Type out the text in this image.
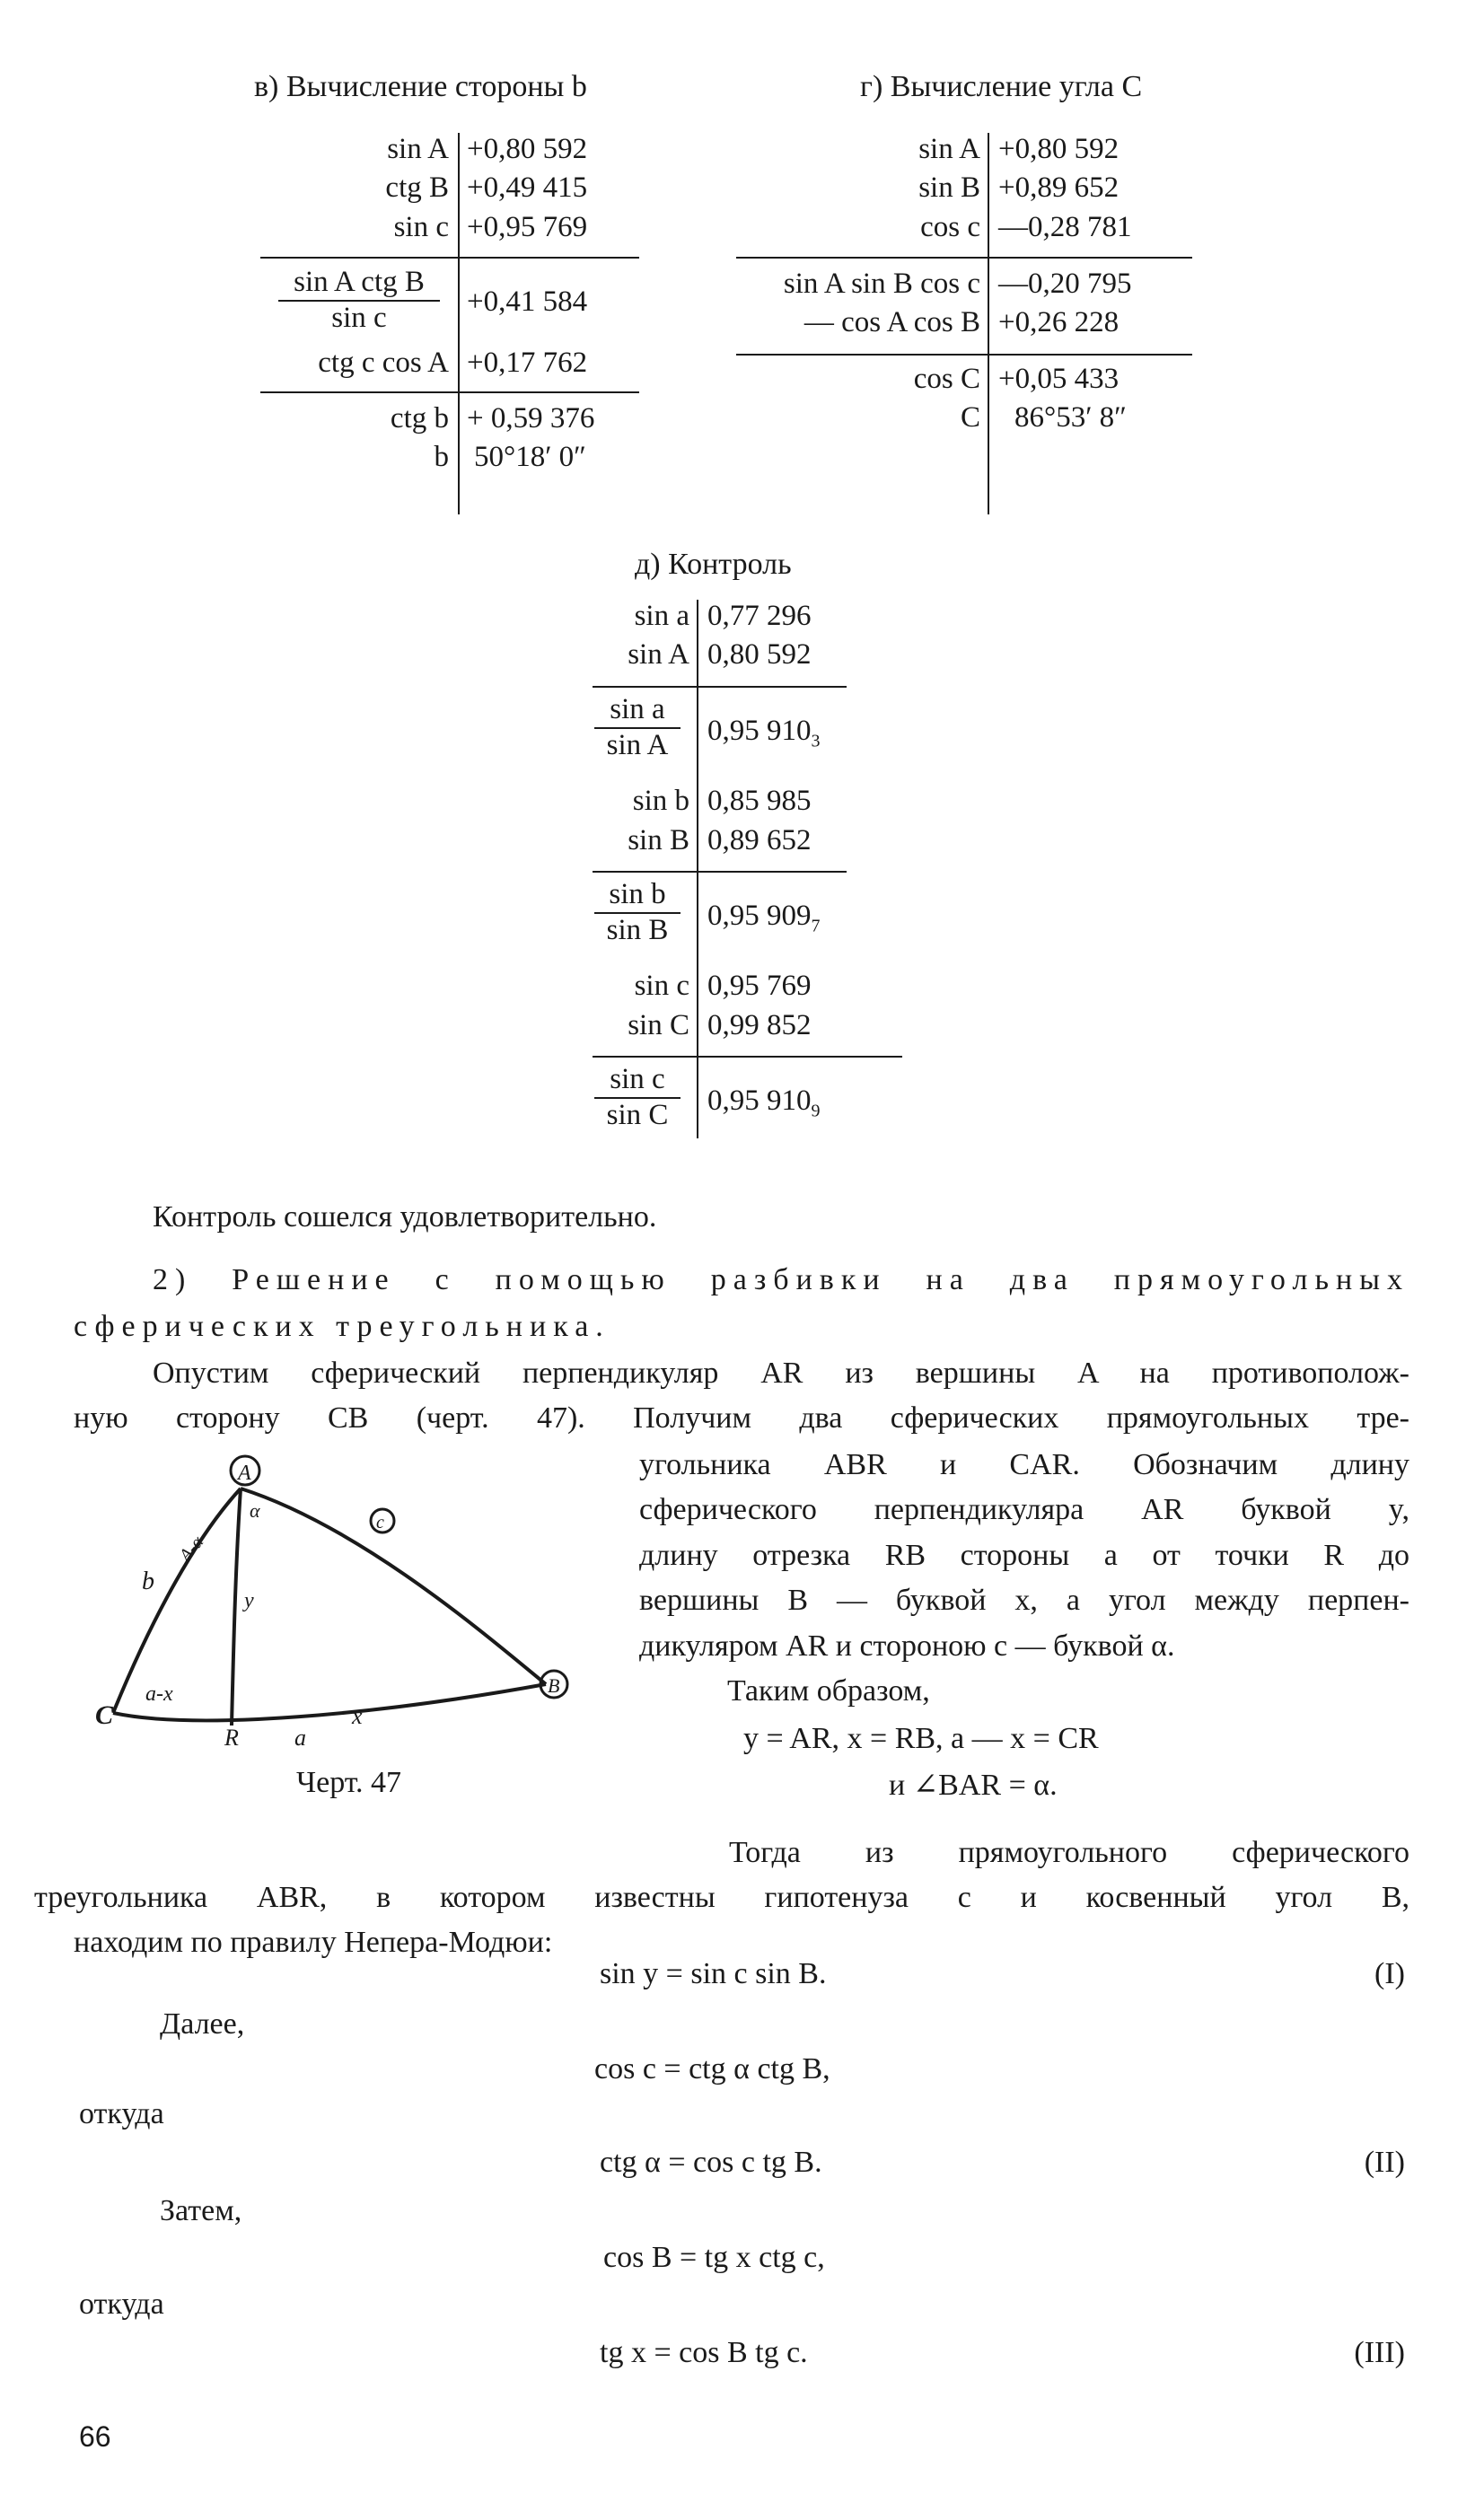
в) Вычисление стороны b	г) Вычисление угла C
sin A +0,80 592
ctg B +0,49 415
sin c +0,95 769
sin A ctg B
sin c	+0,41 584
ctg c cos A +0,17 762
ctg b + 0,59 376
b 50°18′ 0″
sin A +0,80 592
sin B +0,89 652
cos c —0,28 781
sin A sin B cos c —0,20 795
— cos A cos B +0,26 228
cos C +0,05 433
C 86°53′ 8″
д) Контроль
sin a 0,77 296
sin A 0,80 592
$\frac{\text{sin a}}{\text{sin A}} 0,95$ $910_3$
sin b 0,85 985
sin B 0,89 652
$\frac{\text{sin b}}{\text{sin B}} 0,95$ $909_7$
sin c 0,95 769
sin C 0,99 852
$\frac{\text{sin c}}{\text{sin C}} 0,95$ $910_9$
Контроль сошелся удовлетворительно.
2) Решение с помощью разбивки на два прямоугольных
сферических треугольника.
Опустим сферический перпендикуляр AR из вершины A на противополож-
ную сторону CB (черт. 47). Получим два сферических прямоугольных тре-
угольника ABR и CAR. Обозначим длину
сферического перпендикуляра AR буквой y,
длину отрезка RB стороны a от точки R до
вершины B — буквой x, а угол между перпен-
дикуляром AR и стороною c — буквой α.
Таким образом,
y = AR, x = RB, a — x = CR
и ∠BAR = α.
Тогда из прямоугольного сферического
треугольника ABR, в котором известны гипотенуза c и косвенный угол B,
находим по правилу Непера-Модюи:
A
c
B
C
b
R a
x
y
α
A-α
a-x
Черт. 47
sin y = sin c sin B.	(I)
Далее,
cos c = ctg α ctg B,
откуда
ctg α = cos c tg B.	(II)
Затем,
cos B = tg x ctg c,
откуда
tg x = cos B tg c.	(III)
66
